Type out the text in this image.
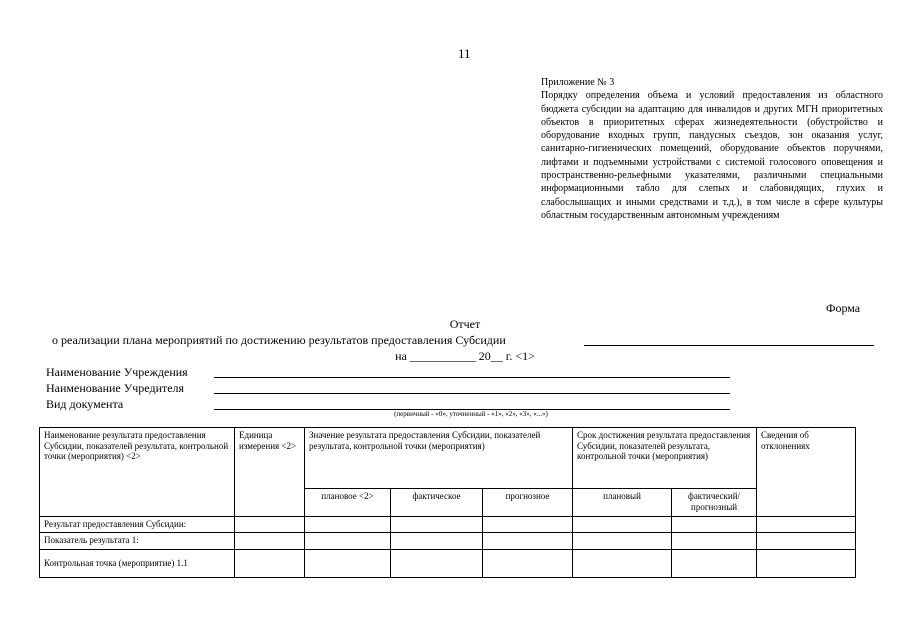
11
Приложение № 3
Порядку определения объема и условий предоставления из областного бюджета субсидии на адаптацию для инвалидов и других МГН приоритетных объектов в приоритетных сферах жизнедеятельности (обустройство и оборудование входных групп, пандусных съездов, зон оказания услуг, санитарно-гигиенических помещений, оборудование объектов поручнями, лифтами и подъемными устройствами с системой голосового оповещения и пространственно-рельефными указателями, различными специальными информационными табло для слепых и слабовидящих, глухих и слабослышащих и иными средствами и т.д.), в том числе в сфере культуры областным государственным автономным учреждениям
Форма
Отчет
о реализации плана мероприятий по достижению результатов предоставления Субсидии
на ___________ 20__ г. <1>
Наименование Учреждения
Наименование Учредителя
Вид документа
(первичный - «0», уточненный - «1», «2», «3», «...»)
Наименование результата предоставления Субсидии, показателей результата, контрольной точки (мероприятия) <2>	Единица измерения <2>	Значение результата предоставления Субсидии, показателей результата, контрольной точки (мероприятия)			Срок достижения результата предоставления Субсидии, показателей результата, контрольной точки (мероприятия)		Сведения об отклонениях
		плановое <2>	фактическое	прогнозное	плановый	фактический/ прогнозный	
Результат предоставления Субсидии:							
Показатель результата 1:							
Контрольная точка (мероприятие) 1.1							
